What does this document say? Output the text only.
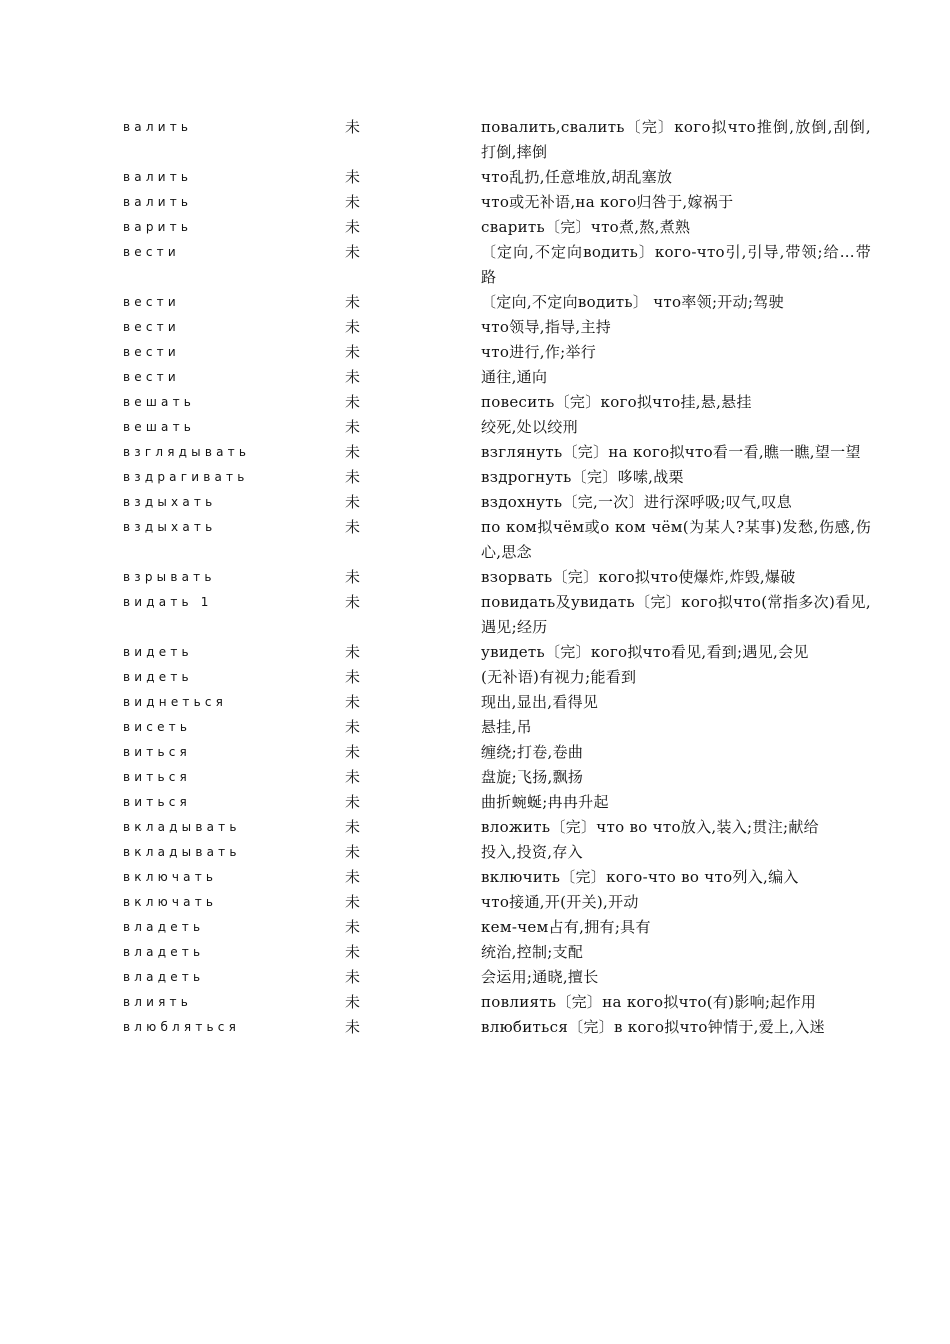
валить	未	повалить,свалить〔完〕кого拟что推倒,放倒,刮倒,打倒,摔倒
валить	未	что乱扔,任意堆放,胡乱塞放
валить	未	что或无补语,на кого归咎于,嫁祸于
варить	未	сварить〔完〕что煮,熬,煮熟
вести	未	〔定向,不定向водить〕кого-что引,引导,带领;给…带路
вести	未	〔定向,不定向водить〕 что率领;开动;驾驶
вести	未	что领导,指导,主持
вести	未	что进行,作;举行
вести	未	通往,通向
вешать	未	повесить〔完〕кого拟что挂,悬,悬挂
вешать	未	绞死,处以绞刑
взглядывать	未	взглянуть〔完〕на кого拟что看一看,瞧一瞧,望一望
вздрагивать	未	вздрогнуть〔完〕哆嗦,战栗
вздыхать	未	вздохнуть〔完,一次〕进行深呼吸;叹气,叹息
вздыхать	未	по ком拟чём或о ком чём(为某人?某事)发愁,伤感,伤心,思念
взрывать	未	взорвать〔完〕кого拟что使爆炸,炸毁,爆破
видать 1	未	повидать及увидать〔完〕кого拟что(常指多次)看见,遇见;经历
видеть	未	увидеть〔完〕кого拟что看见,看到;遇见,会见
видеть	未	(无补语)有视力;能看到
виднеться	未	现出,显出,看得见
висеть	未	悬挂,吊
виться	未	缠绕;打卷,卷曲
виться	未	盘旋;飞扬,飘扬
виться	未	曲折蜿蜒;冉冉升起
вкладывать	未	вложить〔完〕что во что放入,装入;贯注;献给
вкладывать	未	投入,投资,存入
включать	未	включить〔完〕кого-что во что列入,编入
включать	未	что接通,开(开关),开动
владеть	未	кем-чем占有,拥有;具有
владеть	未	统治,控制;支配
владеть	未	会运用;通晓,擅长
влиять	未	повлиять〔完〕на кого拟что(有)影响;起作用
влюбляться	未	влюбиться〔完〕в кого拟что钟情于,爱上,入迷
